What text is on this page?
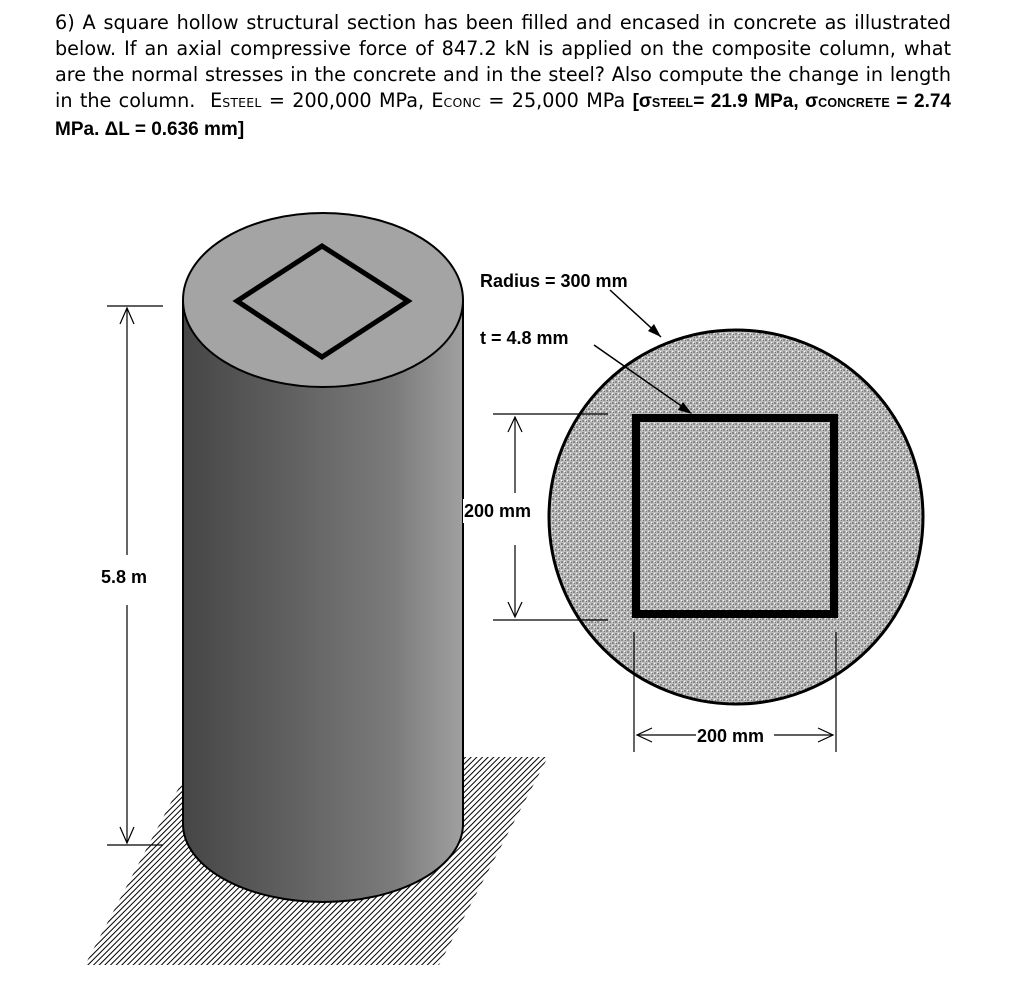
6) A square hollow structural section has been filled and encased in concrete as illustrated below. If an axial compressive force of 847.2 kN is applied on the composite column, what are the normal stresses in the concrete and in the steel? Also compute the change in length in the column. ESTEEL = 200,000 MPa, ECONC = 25,000 MPa [σSTEEL= 21.9 MPa, σCONCRETE = 2.74 MPa. ΔL = 0.636 mm]
5.8 m
Radius = 300 mm
t = 4.8 mm
200 mm
200 mm
